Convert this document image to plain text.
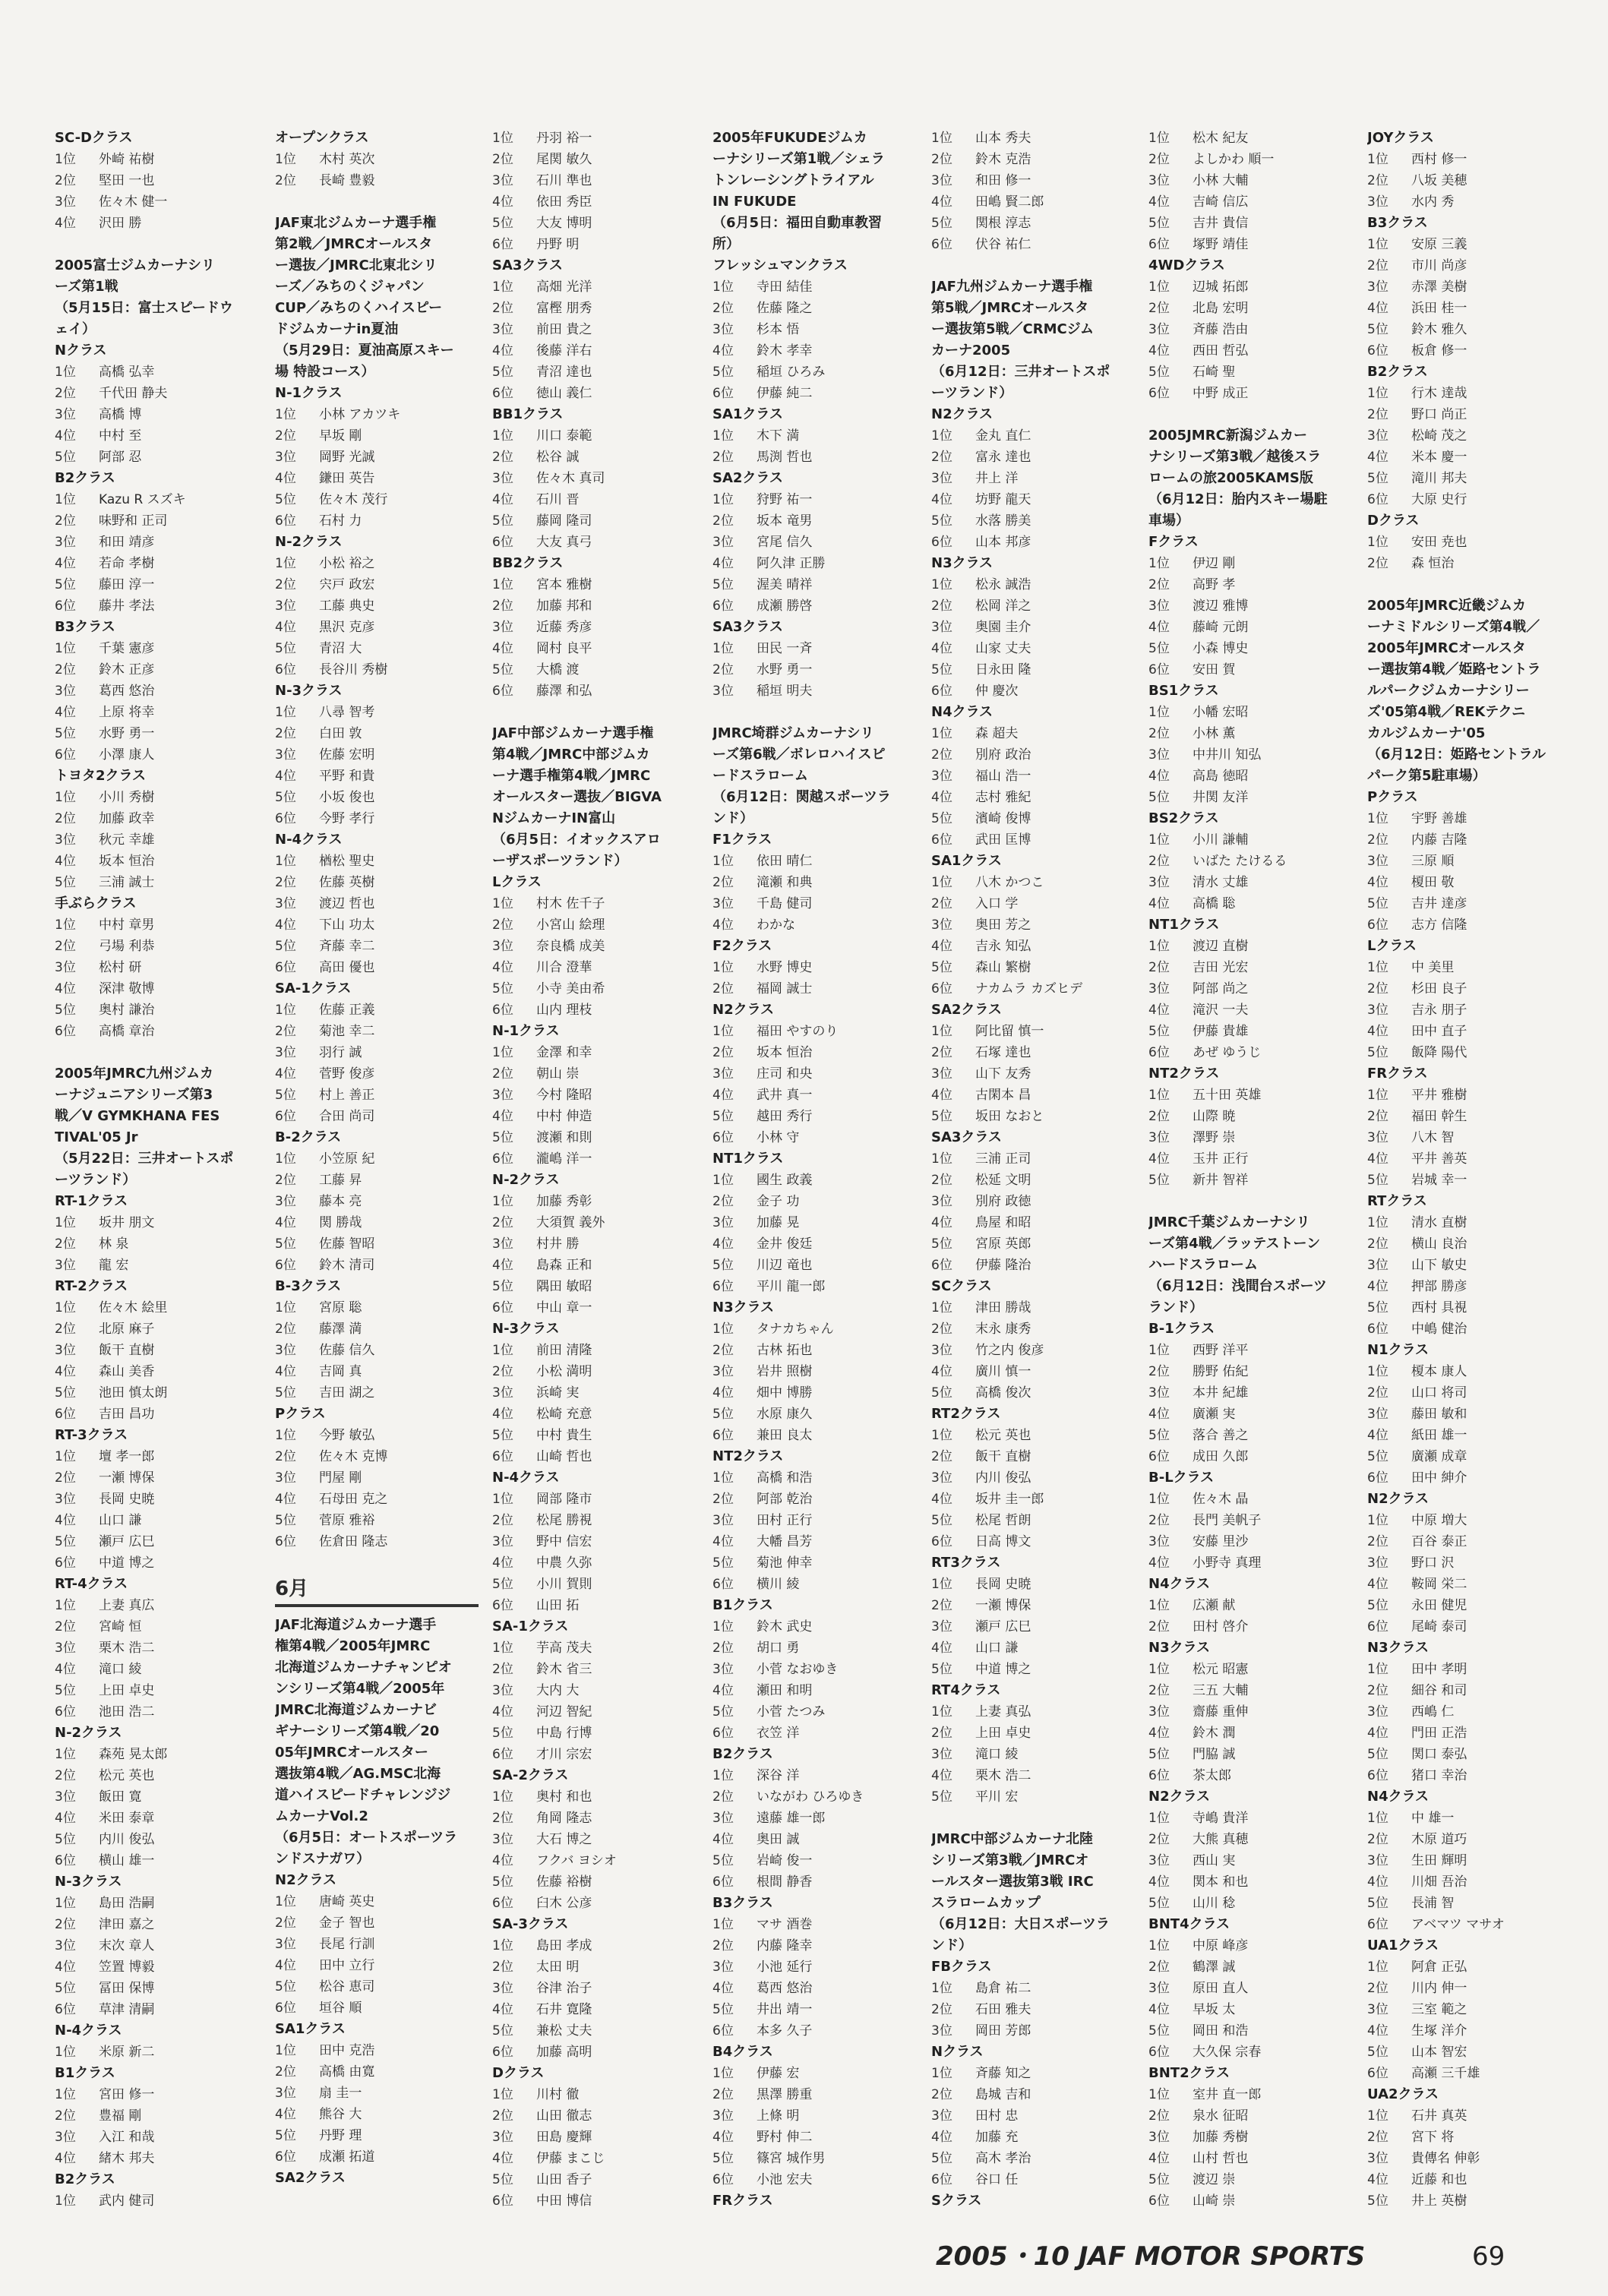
SC-Dクラス
1位 外崎 祐樹
2位 堅田 一也
3位 佐々木 健一
4位 沢田 勝
2005富士ジムカーナシリ
ーズ第1戦
（5月15日：富士スピードウ
ェイ）
Nクラス
1位 高橋 弘幸
2位 千代田 静夫
3位 高橋 博
4位 中村 至
5位 阿部 忍
B2クラス
1位 Kazu R スズキ
2位 味野和 正司
3位 和田 靖彦
4位 若命 孝樹
5位 藤田 淳一
6位 藤井 孝法
B3クラス
1位 千葉 憲彦
2位 鈴木 正彦
3位 葛西 悠治
4位 上原 将幸
5位 水野 勇一
6位 小澤 康人
トヨタ2クラス
1位 小川 秀樹
2位 加藤 政幸
3位 秋元 幸雄
4位 坂本 恒治
5位 三浦 誠士
手ぶらクラス
1位 中村 章男
2位 弓場 利恭
3位 松村 研
4位 深津 敬博
5位 奥村 謙治
6位 高橋 章治
2005年JMRC九州ジムカ
ーナジュニアシリーズ第3
戦／V GYMKHANA FES
TIVAL'05 Jr
（5月22日：三井オートスポ
ーツランド）
RT-1クラス
1位 坂井 朋文
2位 林 泉
3位 龍 宏
RT-2クラス
1位 佐々木 絵里
2位 北原 麻子
3位 飯干 直樹
4位 森山 美香
5位 池田 慎太朗
6位 吉田 昌功
RT-3クラス
1位 壇 孝一郎
2位 一瀬 博保
3位 長岡 史暁
4位 山口 謙
5位 瀬戸 広巳
6位 中道 博之
RT-4クラス
1位 上妻 真広
2位 宮崎 恒
3位 栗木 浩二
4位 滝口 綾
5位 上田 卓史
6位 池田 浩二
N-2クラス
1位 森苑 晃太郎
2位 松元 英也
3位 飯田 寛
4位 米田 泰章
5位 内川 俊弘
6位 横山 雄一
N-3クラス
1位 島田 浩嗣
2位 津田 嘉之
3位 末次 章人
4位 笠置 博毅
5位 冨田 保博
6位 草津 清嗣
N-4クラス
1位 米原 新二
B1クラス
1位 宮田 修一
2位 豊福 剛
3位 入江 和哉
4位 緒木 邦夫
B2クラス
1位 武内 健司
オープンクラス
1位 木村 英次
2位 長崎 豊毅
JAF東北ジムカーナ選手権
第2戦／JMRCオールスタ
ー選抜／JMRC北東北シリ
ーズ／みちのくジャパン
CUP／みちのくハイスピー
ドジムカーナin夏油
（5月29日：夏油高原スキー
場 特設コース）
N-1クラス
1位 小林 アカツキ
2位 早坂 剛
3位 岡野 光誠
4位 鎌田 英告
5位 佐々木 茂行
6位 石村 力
N-2クラス
1位 小松 裕之
2位 宍戸 政宏
3位 工藤 典史
4位 黒沢 克彦
5位 青沼 大
6位 長谷川 秀樹
N-3クラス
1位 八尋 智考
2位 白田 敦
3位 佐藤 宏明
4位 平野 和貴
5位 小坂 俊也
6位 今野 孝行
N-4クラス
1位 楢松 聖史
2位 佐藤 英樹
3位 渡辺 哲也
4位 下山 功太
5位 斉藤 幸二
6位 高田 優也
SA-1クラス
1位 佐藤 正義
2位 菊池 幸二
3位 羽行 誠
4位 菅野 俊彦
5位 村上 善正
6位 合田 尚司
B-2クラス
1位 小笠原 紀
2位 工藤 昇
3位 藤本 亮
4位 関 勝哉
5位 佐藤 智昭
6位 鈴木 清司
B-3クラス
1位 宮原 聡
2位 藤澤 満
3位 佐藤 信久
4位 吉岡 真
5位 吉田 湖之
Pクラス
1位 今野 敏弘
2位 佐々木 克博
3位 門屋 剛
4位 石母田 克之
5位 菅原 雅裕
6位 佐倉田 隆志
6月
JAF北海道ジムカーナ選手
権第4戦／2005年JMRC
北海道ジムカーナチャンピオ
ンシリーズ第4戦／2005年
JMRC北海道ジムカーナビ
ギナーシリーズ第4戦／20
05年JMRCオールスター
選抜第4戦／AG.MSC北海
道ハイスピードチャレンジジ
ムカーナVol.2
（6月5日：オートスポーツラ
ンドスナガワ）
N2クラス
1位 唐崎 英史
2位 金子 智也
3位 長尾 行訓
4位 田中 立行
5位 松谷 恵司
6位 垣谷 順
SA1クラス
1位 田中 克浩
2位 高橋 由寛
3位 扇 圭一
4位 熊谷 大
5位 丹野 理
6位 成瀬 拓道
SA2クラス
1位 丹羽 裕一
2位 尾関 敏久
3位 石川 準也
4位 依田 秀臣
5位 大友 博明
6位 丹野 明
SA3クラス
1位 高畑 光洋
2位 富樫 朋秀
3位 前田 貴之
4位 後藤 洋右
5位 青沼 達也
6位 徳山 義仁
BB1クラス
1位 川口 泰範
2位 松谷 誠
3位 佐々木 真司
4位 石川 晋
5位 藤岡 隆司
6位 大友 真弓
BB2クラス
1位 宮本 雅樹
2位 加藤 邦和
3位 近藤 秀彦
4位 岡村 良平
5位 大橋 渡
6位 藤澤 和弘
JAF中部ジムカーナ選手権
第4戦／JMRC中部ジムカ
ーナ選手権第4戦／JMRC
オールスター選抜／BIGVA
NジムカーナIN富山
（6月5日：イオックスアロ
ーザスポーツランド）
Lクラス
1位 村木 佐千子
2位 小宮山 絵理
3位 奈良橋 成美
4位 川合 澄華
5位 小寺 美由希
6位 山内 理枝
N-1クラス
1位 金澤 和幸
2位 朝山 崇
3位 今村 隆昭
4位 中村 伸造
5位 渡瀬 和則
6位 瀧嶋 洋一
N-2クラス
1位 加藤 秀彰
2位 大須賀 義外
3位 村井 勝
4位 島森 正和
5位 隅田 敏昭
6位 中山 章一
N-3クラス
1位 前田 清隆
2位 小松 満明
3位 浜崎 実
4位 松崎 充意
5位 中村 貴生
6位 山崎 哲也
N-4クラス
1位 岡部 隆市
2位 松尾 勝視
3位 野中 信宏
4位 中農 久弥
5位 小川 賀則
6位 山田 拓
SA-1クラス
1位 芋高 茂夫
2位 鈴木 省三
3位 大内 大
4位 河辺 智紀
5位 中島 行博
6位 才川 宗宏
SA-2クラス
1位 奥村 和也
2位 角岡 隆志
3位 大石 博之
4位 フクバ ヨシオ
5位 佐藤 裕樹
6位 臼木 公彦
SA-3クラス
1位 島田 孝成
2位 太田 明
3位 谷津 治子
4位 石井 寛隆
5位 兼松 丈夫
6位 加藤 高明
Dクラス
1位 川村 徹
2位 山田 徹志
3位 田島 慶輝
4位 伊藤 まこじ
5位 山田 香子
6位 中田 博信
2005年FUKUDEジムカ
ーナシリーズ第1戦／シェラ
トンレーシングトライアル
IN FUKUDE
（6月5日：福田自動車教習
所）
フレッシュマンクラス
1位 寺田 結佳
2位 佐藤 隆之
3位 杉本 悟
4位 鈴木 孝幸
5位 稲垣 ひろみ
6位 伊藤 純二
SA1クラス
1位 木下 満
2位 馬渕 哲也
SA2クラス
1位 狩野 祐一
2位 坂本 竜男
3位 宮尾 信久
4位 阿久津 正勝
5位 渥美 晴祥
6位 成瀬 勝啓
SA3クラス
1位 田民 一斉
2位 水野 勇一
3位 稲垣 明夫
JMRC埼群ジムカーナシリ
ーズ第6戦／ボレロハイスピ
ードスラローム
（6月12日：関越スポーツラ
ンド）
F1クラス
1位 依田 晴仁
2位 滝瀬 和典
3位 千島 健司
4位 わかな
F2クラス
1位 水野 博史
2位 福岡 誠士
N2クラス
1位 福田 やすのり
2位 坂本 恒治
3位 庄司 和央
4位 武井 真一
5位 越田 秀行
6位 小林 守
NT1クラス
1位 國生 政義
2位 金子 功
3位 加藤 晃
4位 金井 俊廷
5位 川辺 竜也
6位 平川 龍一郎
N3クラス
1位 タナカちゃん
2位 古林 拓也
3位 岩井 照樹
4位 畑中 博勝
5位 水原 康久
6位 兼田 良太
NT2クラス
1位 高橋 和浩
2位 阿部 乾治
3位 田村 正行
4位 大幡 昌芳
5位 菊池 伸幸
6位 横川 綾
B1クラス
1位 鈴木 武史
2位 胡口 勇
3位 小菅 なおゆき
4位 瀬田 和明
5位 小菅 たつみ
6位 衣笠 洋
B2クラス
1位 深谷 洋
2位 いながわ ひろゆき
3位 遠藤 雄一郎
4位 奥田 誠
5位 岩崎 俊一
6位 根間 静香
B3クラス
1位 マサ 酒巻
2位 内藤 隆幸
3位 小池 延行
4位 葛西 悠治
5位 井出 靖一
6位 本多 久子
B4クラス
1位 伊藤 宏
2位 黒澤 勝重
3位 上條 明
4位 野村 伸二
5位 篠宮 城作男
6位 小池 宏夫
FRクラス
1位 山本 秀夫
2位 鈴木 克浩
3位 和田 修一
4位 田嶋 賢二郎
5位 関根 淳志
6位 伏谷 祐仁
JAF九州ジムカーナ選手権
第5戦／JMRCオールスタ
ー選抜第5戦／CRMCジム
カーナ2005
（6月12日：三井オートスポ
ーツランド）
N2クラス
1位 金丸 直仁
2位 富永 達也
3位 井上 洋
4位 坊野 龍天
5位 水落 勝美
6位 山本 邦彦
N3クラス
1位 松永 誠浩
2位 松岡 洋之
3位 奥園 圭介
4位 山家 丈夫
5位 日永田 隆
6位 仲 慶次
N4クラス
1位 森 超夫
2位 別府 政治
3位 福山 浩一
4位 志村 雅紀
5位 濱崎 俊博
6位 武田 匡博
SA1クラス
1位 八木 かつこ
2位 入口 学
3位 奥田 芳之
4位 吉永 知弘
5位 森山 繁樹
6位 ナカムラ カズヒデ
SA2クラス
1位 阿比留 慎一
2位 石塚 達也
3位 山下 友秀
4位 古閑本 昌
5位 坂田 なおと
SA3クラス
1位 三浦 正司
2位 松延 文明
3位 別府 政徳
4位 鳥屋 和昭
5位 宮原 英郎
6位 伊藤 隆治
SCクラス
1位 津田 勝哉
2位 末永 康秀
3位 竹之内 俊彦
4位 廣川 慎一
5位 高橋 俊次
RT2クラス
1位 松元 英也
2位 飯干 直樹
3位 内川 俊弘
4位 坂井 圭一郎
5位 松尾 哲朗
6位 日高 博文
RT3クラス
1位 長岡 史暁
2位 一瀬 博保
3位 瀬戸 広巳
4位 山口 謙
5位 中道 博之
RT4クラス
1位 上妻 真弘
2位 上田 卓史
3位 滝口 綾
4位 栗木 浩二
5位 平川 宏
JMRC中部ジムカーナ北陸
シリーズ第3戦／JMRCオ
ールスター選抜第3戦 IRC
スラロームカップ
（6月12日：大日スポーツラ
ンド）
FBクラス
1位 島倉 祐二
2位 石田 雅夫
3位 岡田 芳郎
Nクラス
1位 斉藤 知之
2位 島城 吉和
3位 田村 忠
4位 加藤 充
5位 高木 孝治
6位 谷口 任
Sクラス
1位 松木 紀友
2位 よしかわ 順一
3位 小林 大輔
4位 吉崎 信広
5位 吉井 貴信
6位 塚野 靖佳
4WDクラス
1位 辺城 拓郎
2位 北島 宏明
3位 斉藤 浩由
4位 西田 哲弘
5位 石崎 聖
6位 中野 成正
2005JMRC新潟ジムカー
ナシリーズ第3戦／越後スラ
ロームの旅2005KAMS版
（6月12日：胎内スキー場駐
車場）
Fクラス
1位 伊辺 剛
2位 高野 孝
3位 渡辺 雅博
4位 藤崎 元朗
5位 小森 博史
6位 安田 賀
BS1クラス
1位 小幡 宏昭
2位 小林 薫
3位 中井川 知弘
4位 高島 徳昭
5位 井関 友洋
BS2クラス
1位 小川 謙輔
2位 いばた たけるる
3位 清水 丈雄
4位 高橋 聡
NT1クラス
1位 渡辺 直樹
2位 吉田 光宏
3位 阿部 尚之
4位 滝沢 一夫
5位 伊藤 貴雄
6位 あぜ ゆうじ
NT2クラス
1位 五十田 英雄
2位 山際 暁
3位 澤野 崇
4位 玉井 正行
5位 新井 智祥
JMRC千葉ジムカーナシリ
ーズ第4戦／ラッテストーン
ハードスラローム
（6月12日：浅間台スポーツ
ランド）
B-1クラス
1位 西野 洋平
2位 勝野 佑紀
3位 本井 紀雄
4位 廣瀬 実
5位 落合 善之
6位 成田 久郎
B-Lクラス
1位 佐々木 晶
2位 長門 美帆子
3位 安藤 里沙
4位 小野寺 真理
N4クラス
1位 広瀬 献
2位 田村 啓介
N3クラス
1位 松元 昭憲
2位 三五 大輔
3位 齋藤 重伸
4位 鈴木 潤
5位 門脇 誠
6位 茶太郎
N2クラス
1位 寺嶋 貴洋
2位 大熊 真穂
3位 西山 実
4位 関本 和也
5位 山川 稔
BNT4クラス
1位 中原 峰彦
2位 鶴澤 誠
3位 原田 直人
4位 早坂 太
5位 岡田 和浩
6位 大久保 宗春
BNT2クラス
1位 室井 直一郎
2位 泉水 征昭
3位 加藤 秀樹
4位 山村 哲也
5位 渡辺 崇
6位 山崎 崇
JOYクラス
1位 西村 修一
2位 八坂 美穂
3位 水内 秀
B3クラス
1位 安原 三義
2位 市川 尚彦
3位 赤澤 美樹
4位 浜田 桂一
5位 鈴木 雅久
6位 板倉 修一
B2クラス
1位 行木 達哉
2位 野口 尚正
3位 松崎 茂之
4位 米本 慶一
5位 滝川 邦夫
6位 大原 史行
Dクラス
1位 安田 尭也
2位 森 恒治
2005年JMRC近畿ジムカ
ーナミドルシリーズ第4戦／
2005年JMRCオールスタ
ー選抜第4戦／姫路セントラ
ルパークジムカーナシリー
ズ'05第4戦／REKテクニ
カルジムカーナ'05
（6月12日：姫路セントラル
パーク第5駐車場）
Pクラス
1位 宇野 善雄
2位 内藤 吉隆
3位 三原 順
4位 榎田 敬
5位 吉井 達彦
6位 志方 信隆
Lクラス
1位 中 美里
2位 杉田 良子
3位 吉永 朋子
4位 田中 直子
5位 飯降 陽代
FRクラス
1位 平井 雅樹
2位 福田 幹生
3位 八木 智
4位 平井 善英
5位 岩城 幸一
RTクラス
1位 清水 直樹
2位 横山 良治
3位 山下 敏史
4位 押部 勝彦
5位 西村 具視
6位 中嶋 健治
N1クラス
1位 榎本 康人
2位 山口 将司
3位 藤田 敏和
4位 紙田 雄一
5位 廣瀬 成章
6位 田中 紳介
N2クラス
1位 中原 増大
2位 百谷 泰正
3位 野口 沢
4位 鞍岡 栄二
5位 永田 健児
6位 尾崎 泰司
N3クラス
1位 田中 孝明
2位 細谷 和司
3位 西嶋 仁
4位 門田 正浩
5位 関口 泰弘
6位 猪口 幸治
N4クラス
1位 中 雄一
2位 木原 道巧
3位 生田 輝明
4位 川畑 吾治
5位 長浦 智
6位 アベマツ マサオ
UA1クラス
1位 阿倉 正弘
2位 川内 伸一
3位 三室 範之
4位 生塚 洋介
5位 山本 智宏
6位 高瀬 三千雄
UA2クラス
1位 石井 真英
2位 宮下 将
3位 貴傳名 伸彰
4位 近藤 和也
5位 井上 英樹
2005・10 JAF MOTOR SPORTS	69
